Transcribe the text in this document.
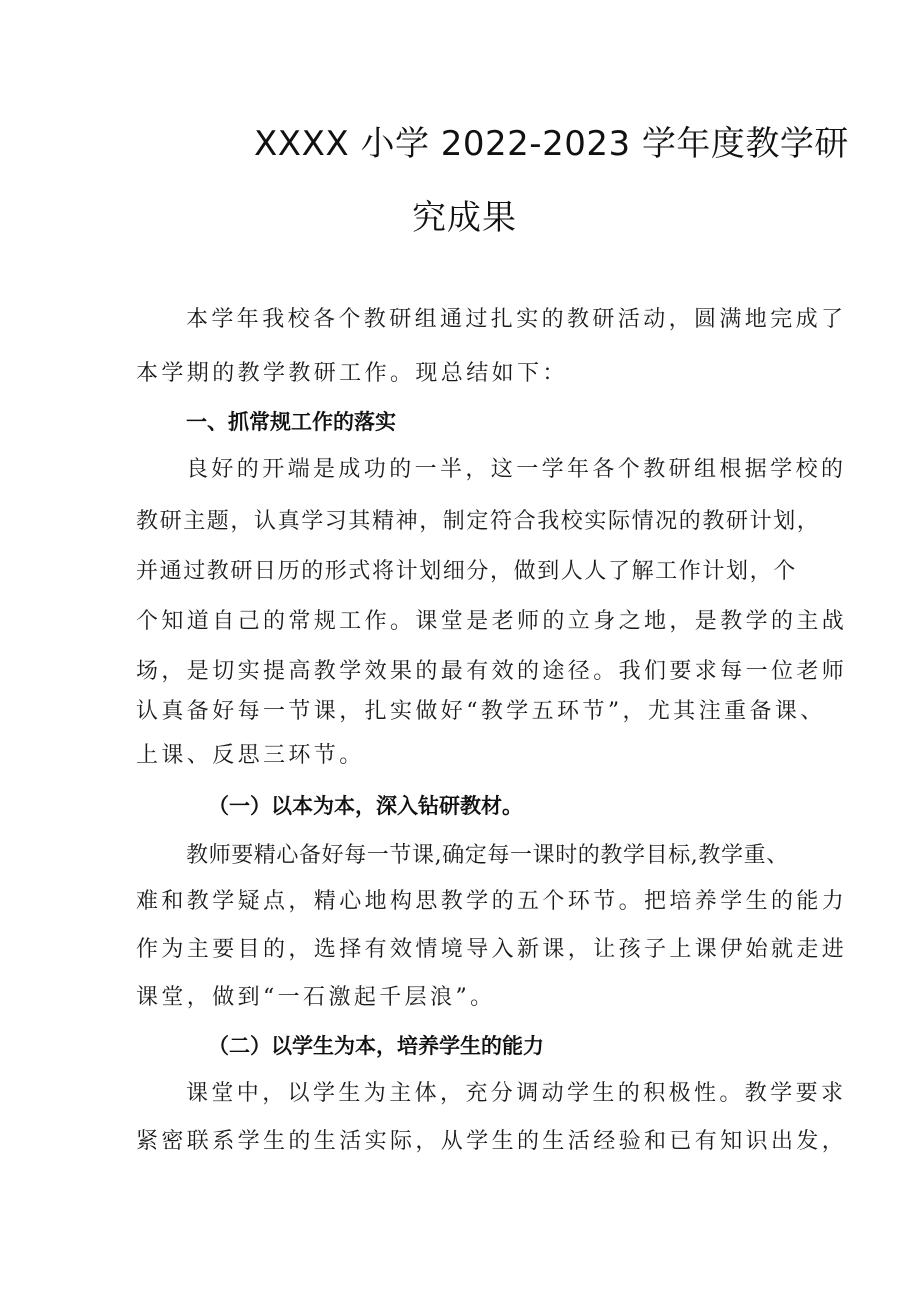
XXXX 小学 2022-2023 学年度教学研
究成果
本学年我校各个教研组通过扎实的教研活动，圆满地完成了
本学期的教学教研工作。现总结如下：
一、抓常规工作的落实
良好的开端是成功的一半，这一学年各个教研组根据学校的
教研主题，认真学习其精神，制定符合我校实际情况的教研计划，
并通过教研日历的形式将计划细分，做到人人了解工作计划，个
个知道自己的常规工作。课堂是老师的立身之地，是教学的主战
场，是切实提高教学效果的最有效的途径。我们要求每一位老师
认真备好每一节课，扎实做好“教学五环节”，尤其注重备课、
上课、反思三环节。
（一）以本为本，深入钻研教材。
教师要精心备好每一节课,确定每一课时的教学目标,教学重、
难和教学疑点，精心地构思教学的五个环节。把培养学生的能力
作为主要目的，选择有效情境导入新课，让孩子上课伊始就走进
课堂，做到“一石激起千层浪”。
（二）以学生为本，培养学生的能力
课堂中，以学生为主体，充分调动学生的积极性。教学要求
紧密联系学生的生活实际，从学生的生活经验和已有知识出发，
